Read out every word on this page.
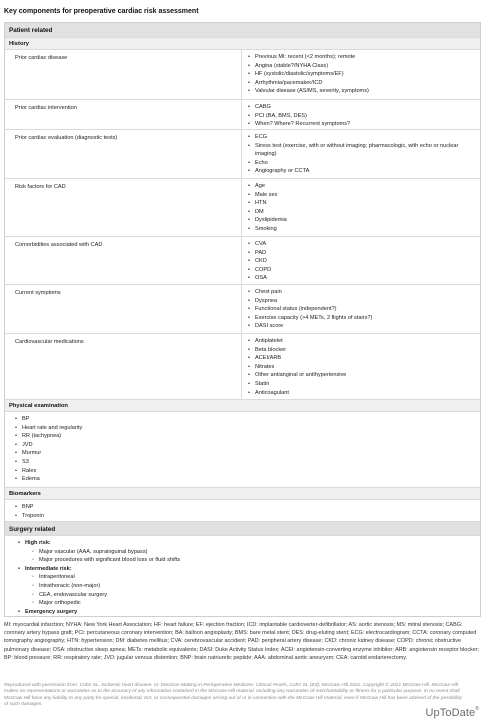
Key components for preoperative cardiac risk assessment
Patient related
History
Prior cardiac disease	• Previous MI: recent (<2 months); remote
• Angina (stable?/NYHA Class)
• HF (systolic/diastolic/symptoms/EF)
• Arrhythmia/pacemaker/ICD
• Valvular disease (AS/MS, severity, symptoms)
Prior cardiac intervention	• CABG
• PCI (BA, BMS, DES)
• When? Where? Recurrent symptoms?
Prior cardiac evaluation (diagnostic tests)	• ECG
• Stress test (exercise, with or without imaging; pharmacologic, with echo or nuclear imaging)
• Echo
• Angiography or CCTA
Risk factors for CAD	• Age
• Male sex
• HTN
• DM
• Dyslipidemia
• Smoking
Comorbidities associated with CAD	• CVA
• PAD
• CKD
• COPD
• OSA
Current symptoms	• Chest pain
• Dyspnea
• Functional status (independent?)
• Exercise capacity (>4 METs, 2 flights of stairs?)
• DASI score
Cardiovascular medications	• Antiplatelet
• Beta blocker
• ACEI/ARB
• Nitrates
• Other antianginal or antihypertensive
• Statin
• Anticoagulant
Physical examination
• BP
• Heart rate and regularity
• RR (tachypnea)
• JVD
• Murmur
• S3
• Rales
• Edema
Biomarkers
• BNP
• Troponin
Surgery related
• High risk:
◦ Major vascular (AAA, suprainguinal bypass)
◦ Major procedures with significant blood loss or fluid shifts
• Intermediate risk:
◦ Intraperitoneal
◦ Intrathoracic (non-major)
◦ CEA, endovascular surgery
◦ Major orthopedic
• Emergency surgery
MI: myocardial infarction; NYHA: New York Heart Association; HF: heart failure; EF: ejection fraction; ICD: implantable cardioverter-defibrillator; AS: aortic stenosis; MS: mitral stenosis; CABG: coronary artery bypass graft; PCI: percutaneous coronary intervention; BA: balloon angioplasty; BMS: bare metal stent; DES: drug-eluting stent; ECG: electrocardiogram; CCTA: coronary computed tomography angiography; HTN: hypertension; DM: diabetes mellitus; CVA: cerebrovascular accident; PAD: peripheral artery disease; CKD: chronic kidney disease; COPD: chronic obstructive pulmonary disease; OSA: obstructive sleep apnea; METs: metabolic equivalents; DASI: Duke Activity Status Index; ACEI: angiotensin-converting enzyme inhibitor; ARB: angiotensin receptor blocker; BP: blood pressure; RR: respiratory rate; JVD: jugular venous distention; BNP: brain natriuretic peptide; AAA: abdominal aortic aneurysm; CEA: carotid endarterectomy.
Reproduced with permission from: Cohn SL. Ischemic heart disease. In: Decision Making in Perioperative Medicine: Clinical Pearls, Cohn SL (Ed), McGraw Hill 2021. Copyright © 2021 McGraw Hill. McGraw Hill makes no representations or warranties as to the accuracy of any information contained in the McGraw Hill material, including any warranties of merchantability or fitness for a particular purpose. In no event shall McGraw Hill have any liability to any party for special, incidental, tort, or consequential damages arising out of or in connection with the McGraw Hill material, even if McGraw Hill has been advised of the possibility of such damages.
UpToDate®
